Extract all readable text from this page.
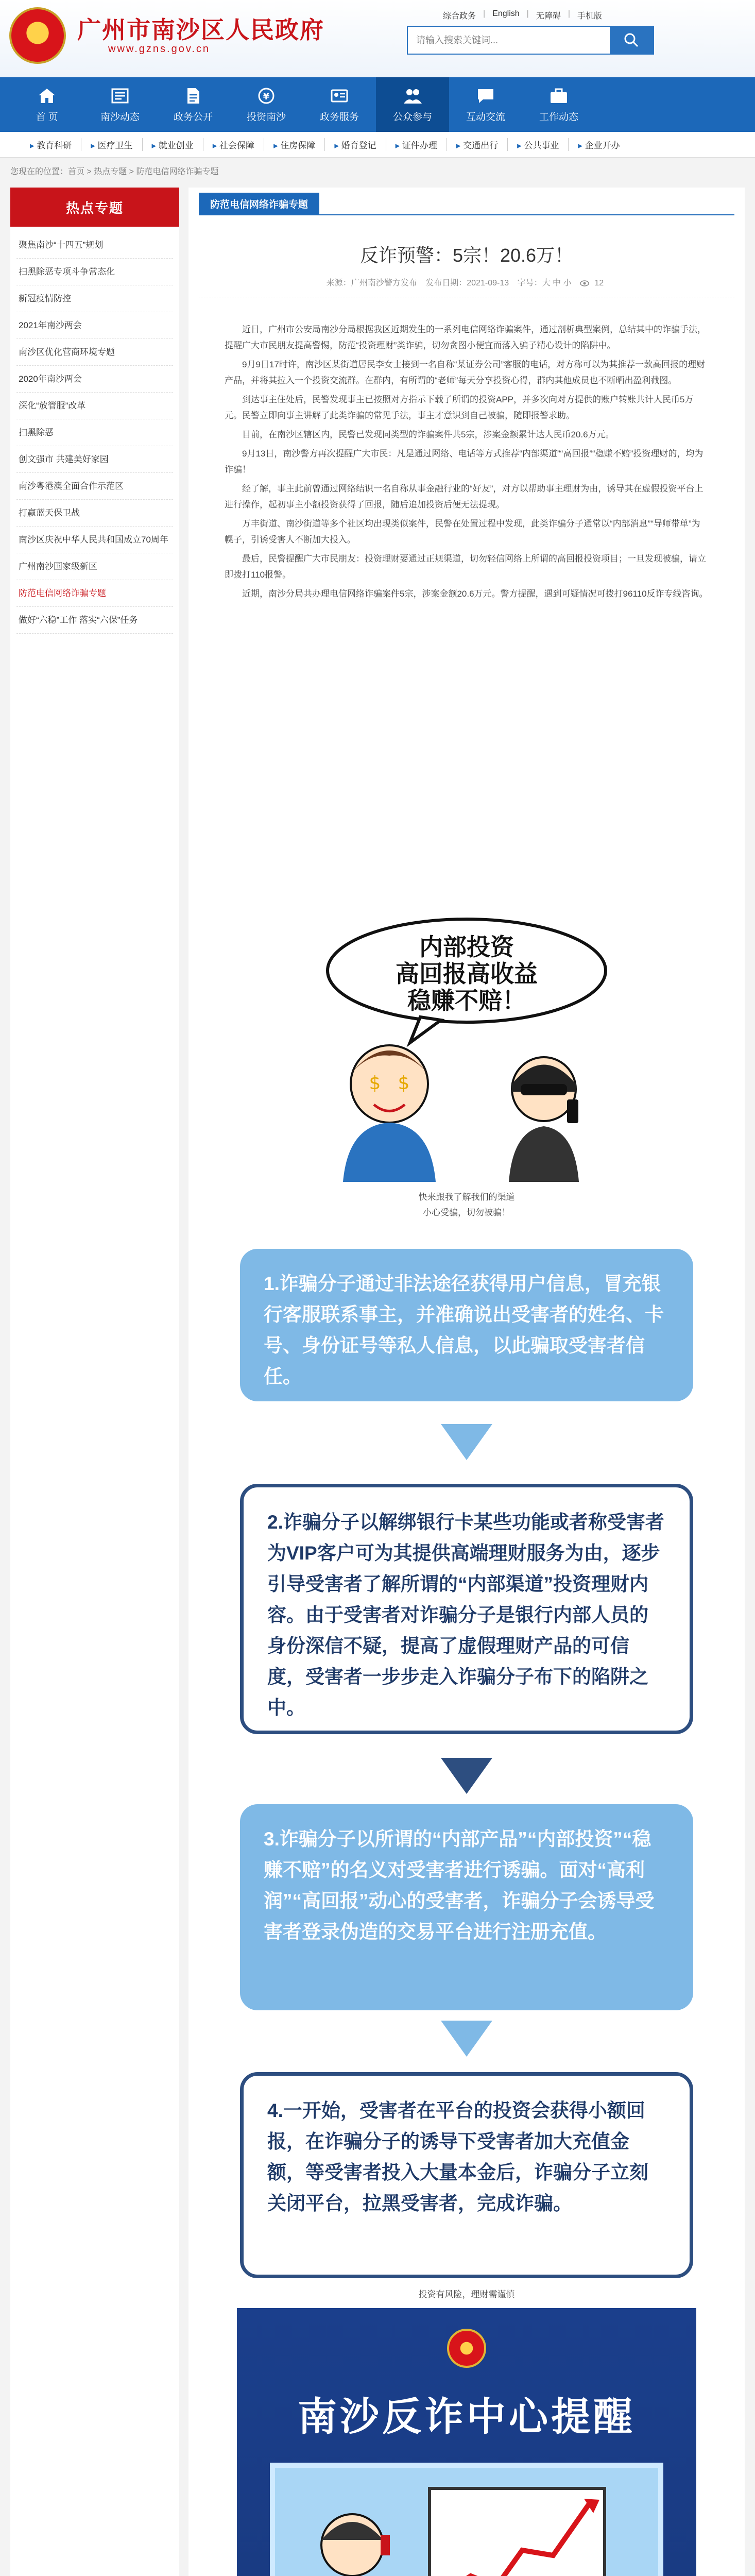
广州市南沙区人民政府
www.gzns.gov.cn
综合政务 | English | 无障碍 | 手机版
请输入搜索关键词...
首 页	南沙动态	政务公开
¥
投资南沙	政务服务	公众参与	互动交流	工作动态
▸ 教育科研	▸ 医疗卫生	▸ 就业创业	▸ 社会保障	▸ 住房保障	▸ 婚育登记	▸ 证件办理	▸ 交通出行	▸ 公共事业	▸ 企业开办
您现在的位置：首页 > 热点专题 > 防范电信网络诈骗专题
热点专题
聚焦南沙“十四五”规划
扫黑除恶专项斗争常态化
新冠疫情防控
2021年南沙两会
南沙区优化营商环境专题
2020年南沙两会
深化“放管服”改革
扫黑除恶
创文强市 共建美好家园
南沙粤港澳全面合作示范区
打赢蓝天保卫战
南沙区庆祝中华人民共和国成立70周年
广州南沙国家级新区
防范电信网络诈骗专题
做好“六稳”工作 落实“六保”任务
防范电信网络诈骗专题
反诈预警：5宗！20.6万！
来源：广州南沙警方发布 发布日期：2021-09-13 字号：大 中 小	12

近日，广州市公安局南沙分局根据我区近期发生的一系列电信网络诈骗案件，通过剖析典型案例，总结其中的诈骗手法，提醒广大市民朋友提高警惕，防范“投资理财”类诈骗，切勿贪图小便宜而落入骗子精心设计的陷阱中。

9月9日17时许，南沙区某街道居民李女士接到一名自称“某证券公司”客服的电话，对方称可以为其推荐一款高回报的理财产品，并将其拉入一个投资交流群。在群内，有所谓的“老师”每天分享投资心得，群内其他成员也不断晒出盈利截图。

到达事主住处后，民警发现事主已按照对方指示下载了所谓的投资APP，并多次向对方提供的账户转账共计人民币5万元。民警立即向事主讲解了此类诈骗的常见手法，事主才意识到自己被骗，随即报警求助。

目前，在南沙区辖区内，民警已发现同类型的诈骗案件共5宗，涉案金额累计达人民币20.6万元。

9月13日，南沙警方再次提醒广大市民：凡是通过网络、电话等方式推荐“内部渠道”“高回报”“稳赚不赔”投资理财的，均为诈骗！

经了解，事主此前曾通过网络结识一名自称从事金融行业的“好友”，对方以帮助事主理财为由，诱导其在虚假投资平台上进行操作，起初事主小额投资获得了回报，随后追加投资后便无法提现。

万丰街道、南沙街道等多个社区均出现类似案件，民警在处置过程中发现，此类诈骗分子通常以“内部消息”“导师带单”为幌子，引诱受害人不断加大投入。

最后，民警提醒广大市民朋友：投资理财要通过正规渠道，切勿轻信网络上所谓的高回报投资项目；一旦发现被骗，请立即拨打110报警。

近期，南沙分局共办理电信网络诈骗案件5宗，涉案金额20.6万元。警方提醒，遇到可疑情况可拨打96110反诈专线咨询。

内部投资
高回报高收益
稳赚不赔！
$ $
快来跟我了解我们的渠道
小心受骗，切勿被骗！
1.诈骗分子通过非法途径获得用户信息，冒充银行客服联系事主，并准确说出受害者的姓名、卡号、身份证号等私人信息，以此骗取受害者信任。
2.诈骗分子以解绑银行卡某些功能或者称受害者为VIP客户可为其提供高端理财服务为由，逐步引导受害者了解所谓的“内部渠道”投资理财内容。由于受害者对诈骗分子是银行内部人员的身份深信不疑，提高了虚假理财产品的可信度，受害者一步步走入诈骗分子布下的陷阱之中。
3.诈骗分子以所谓的“内部产品”“内部投资”“稳赚不赔”的名义对受害者进行诱骗。面对“高利润”“高回报”动心的受害者，诈骗分子会诱导受害者登录伪造的交易平台进行注册充值。
4.一开始，受害者在平台的投资会获得小额回报，在诈骗分子的诱导下受害者加大充值金额，等受害者投入大量本金后，诈骗分子立刻关闭平台，拉黑受害者，完成诈骗。
投资有风险，理财需谨慎
南沙反诈中心提醒
